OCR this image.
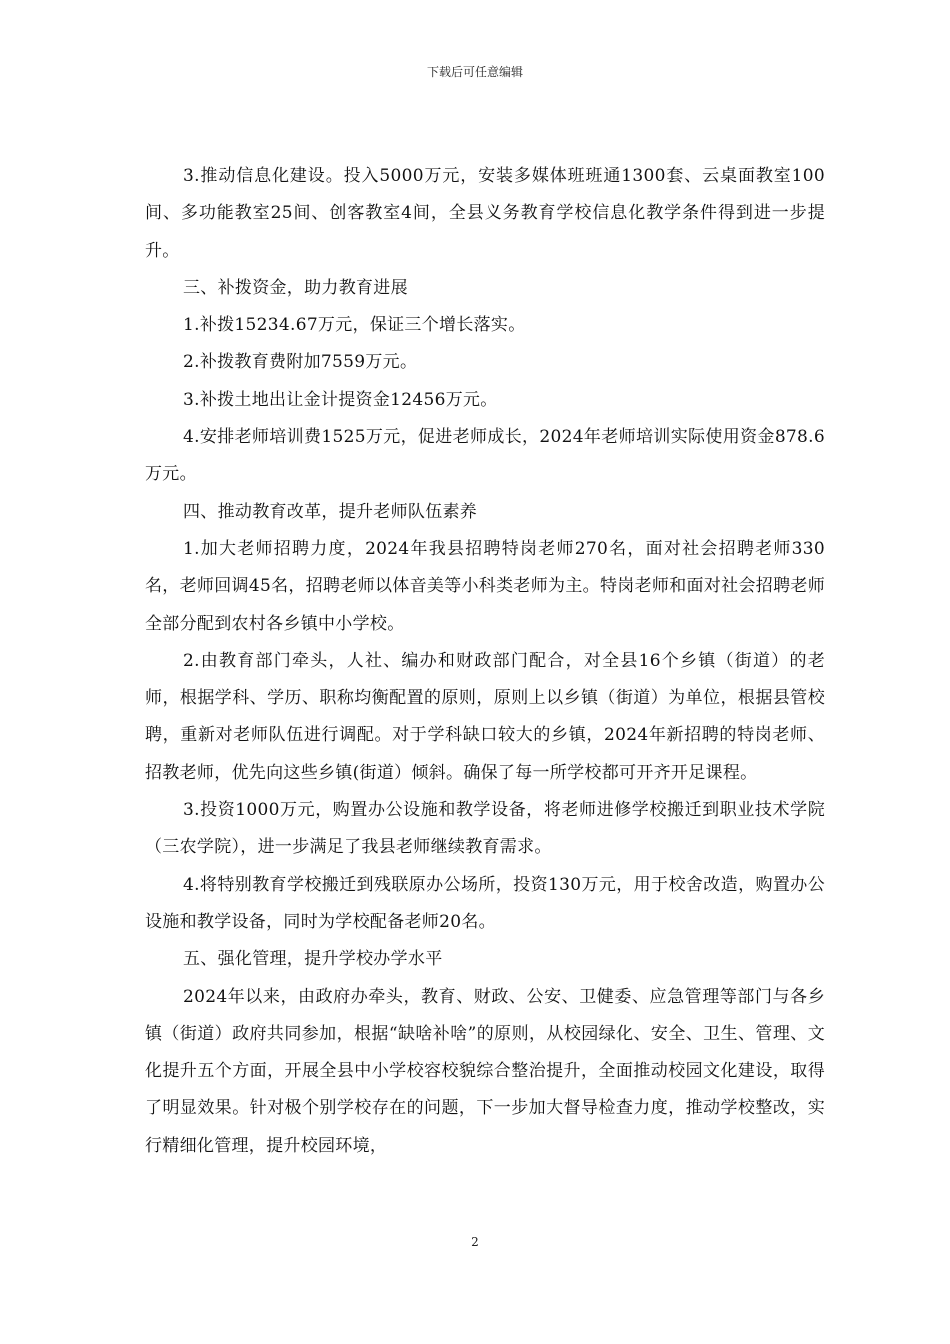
下载后可任意编辑

3.推动信息化建设。投入5000万元，安装多媒体班班通1300套、云桌面教室100间、多功能教室25间、创客教室4间，全县义务教育学校信息化教学条件得到进一步提升。

三、补拨资金，助力教育进展

1.补拨15234.67万元，保证三个增长落实。

2.补拨教育费附加7559万元。

3.补拨土地出让金计提资金12456万元。

4.安排老师培训费1525万元，促进老师成长，2024年老师培训实际使用资金878.6万元。

四、推动教育改革，提升老师队伍素养

1.加大老师招聘力度，2024年我县招聘特岗老师270名，面对社会招聘老师330名，老师回调45名，招聘老师以体音美等小科类老师为主。特岗老师和面对社会招聘老师全部分配到农村各乡镇中小学校。

2.由教育部门牵头，人社、编办和财政部门配合，对全县16个乡镇（街道）的老师，根据学科、学历、职称均衡配置的原则，原则上以乡镇（街道）为单位，根据县管校聘，重新对老师队伍进行调配。对于学科缺口较大的乡镇，2024年新招聘的特岗老师、招教老师，优先向这些乡镇(街道）倾斜。确保了每一所学校都可开齐开足课程。

3.投资1000万元，购置办公设施和教学设备，将老师进修学校搬迁到职业技术学院（三农学院），进一步满足了我县老师继续教育需求。

4.将特别教育学校搬迁到残联原办公场所，投资130万元，用于校舍改造，购置办公设施和教学设备，同时为学校配备老师20名。

五、强化管理，提升学校办学水平

2024年以来，由政府办牵头，教育、财政、公安、卫健委、应急管理等部门与各乡镇（街道）政府共同参加，根据“缺啥补啥”的原则，从校园绿化、安全、卫生、管理、文化提升五个方面，开展全县中小学校容校貌综合整治提升，全面推动校园文化建设，取得了明显效果。针对极个别学校存在的问题，下一步加大督导检查力度，推动学校整改，实行精细化管理，提升校园环境，

2
